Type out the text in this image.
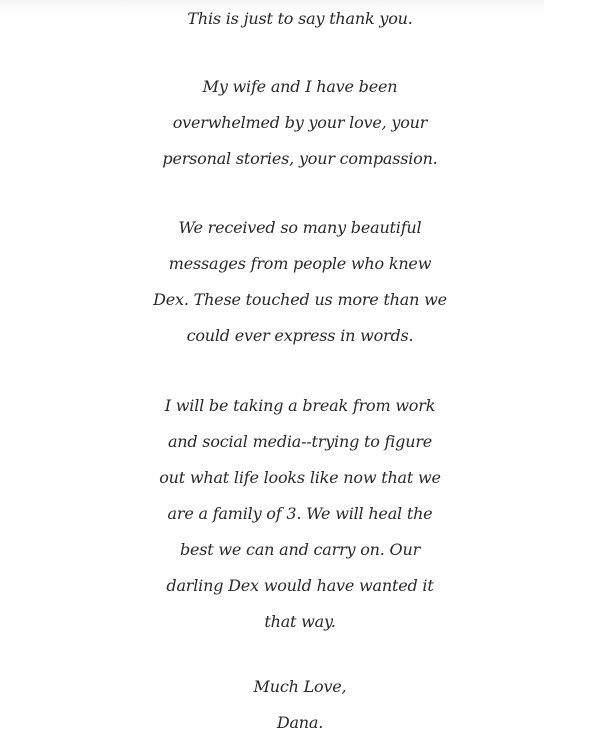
This is just to say thank you.
My wife and I have been
overwhelmed by your love, your
personal stories, your compassion.
We received so many beautiful
messages from people who knew
Dex. These touched us more than we
could ever express in words.
I will be taking a break from work
and social media--trying to figure
out what life looks like now that we
are a family of 3. We will heal the
best we can and carry on. Our
darling Dex would have wanted it
that way.
Much Love,
Dana.
